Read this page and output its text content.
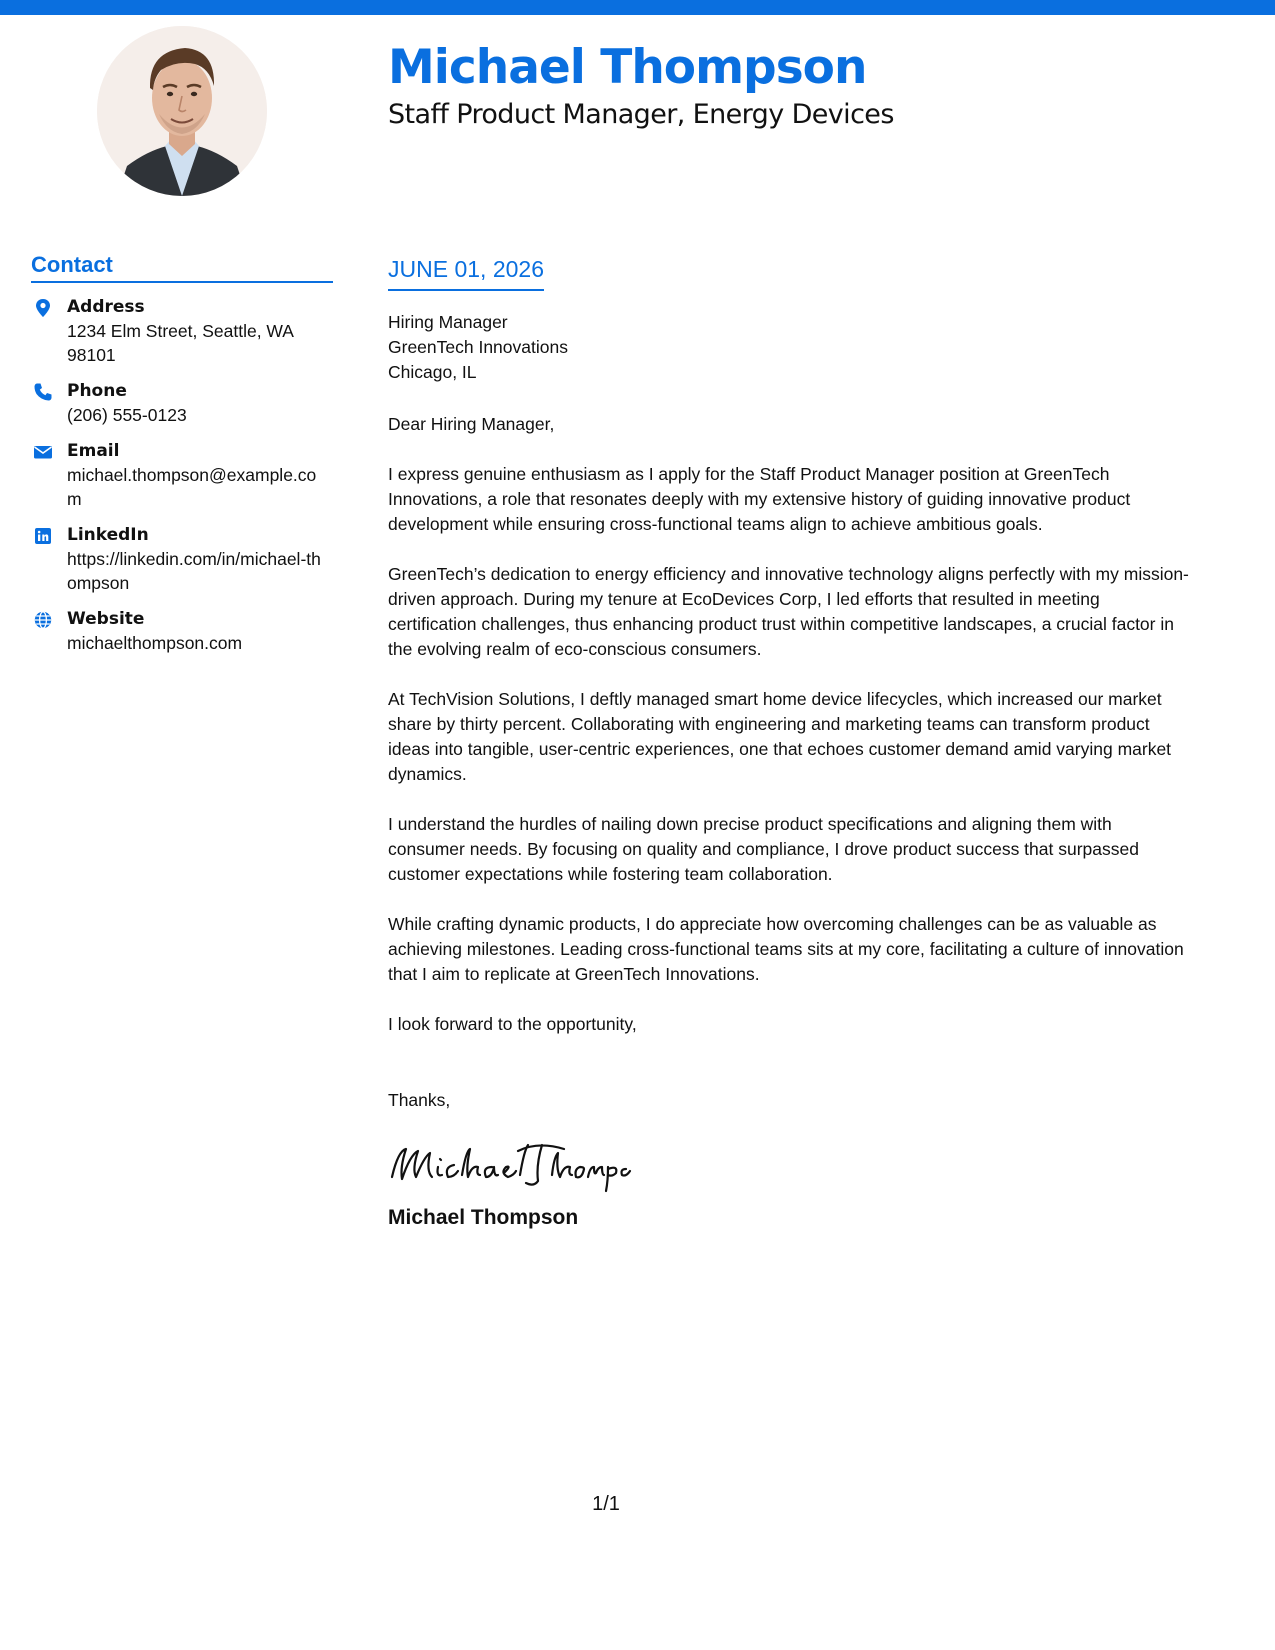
Michael Thompson
Staff Product Manager, Energy Devices
Contact
Address
1234 Elm Street, Seattle, WA 98101
Phone
(206) 555-0123
Email
michael.thompson@example.com
LinkedIn
https://linkedin.com/in/michael-thompson
Website
michaelthompson.com
JUNE 01, 2026
Hiring Manager
GreenTech Innovations
Chicago, IL
Dear Hiring Manager,

I express genuine enthusiasm as I apply for the Staff Product Manager position at GreenTech Innovations, a role that resonates deeply with my extensive history of guiding innovative product development while ensuring cross-functional teams align to achieve ambitious goals.

GreenTech’s dedication to energy efficiency and innovative technology aligns perfectly with my mission-driven approach. During my tenure at EcoDevices Corp, I led efforts that resulted in meeting certification challenges, thus enhancing product trust within competitive landscapes, a crucial factor in the evolving realm of eco-conscious consumers.

At TechVision Solutions, I deftly managed smart home device lifecycles, which increased our market share by thirty percent. Collaborating with engineering and marketing teams can transform product ideas into tangible, user-centric experiences, one that echoes customer demand amid varying market dynamics.

I understand the hurdles of nailing down precise product specifications and aligning them with consumer needs. By focusing on quality and compliance, I drove product success that surpassed customer expectations while fostering team collaboration.

While crafting dynamic products, I do appreciate how overcoming challenges can be as valuable as achieving milestones. Leading cross-functional teams sits at my core, facilitating a culture of innovation that I aim to replicate at GreenTech Innovations.

I look forward to the opportunity,
Thanks,
Michael Thompson
1/1
